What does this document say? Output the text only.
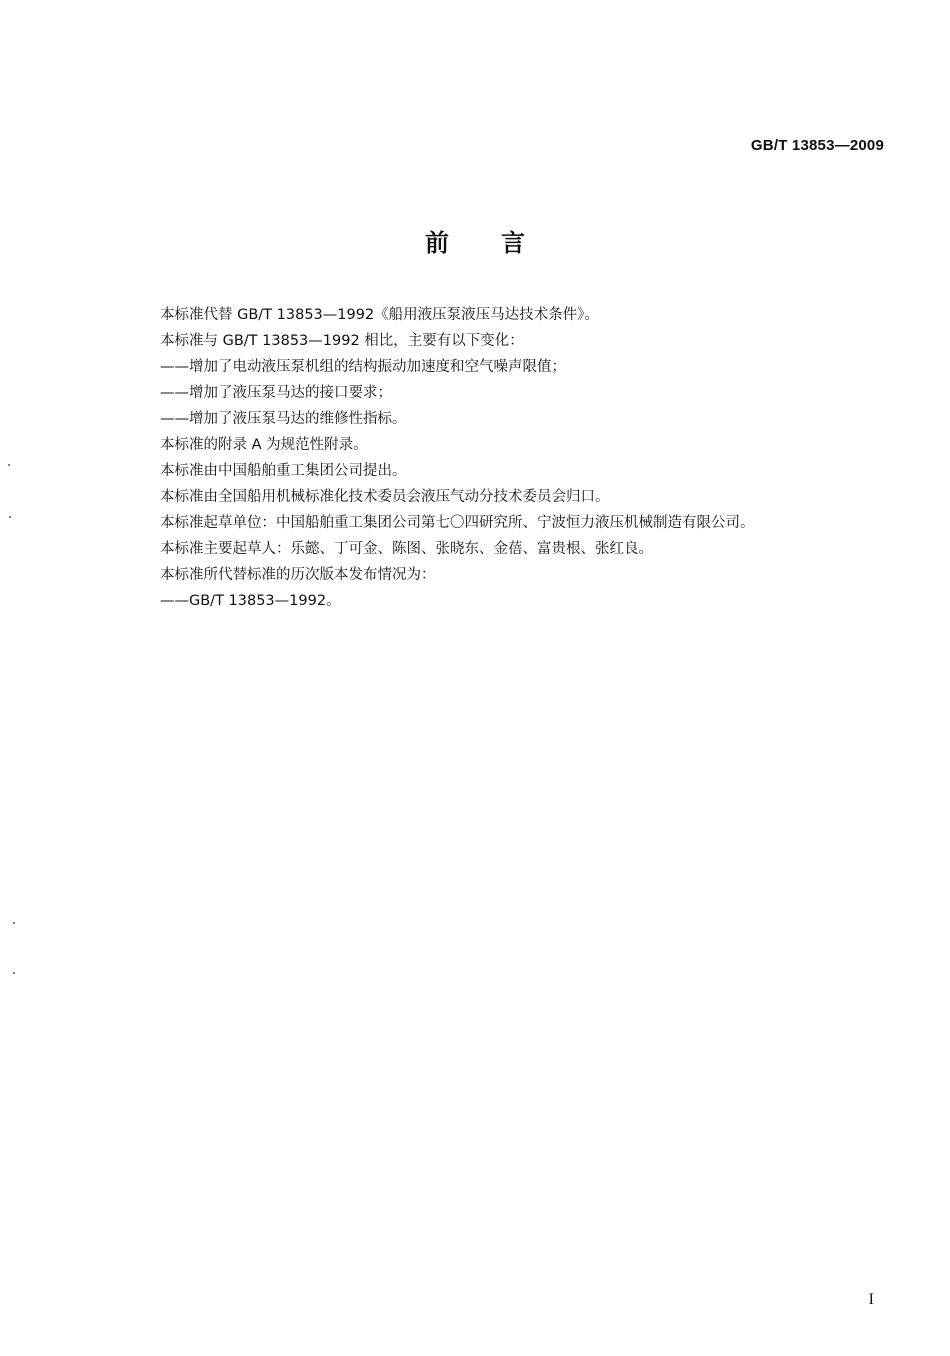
GB/T 13853—2009
前言

本标准代替 GB/T 13853—1992《船用液压泵液压马达技术条件》。

本标准与 GB/T 13853—1992 相比，主要有以下变化：

——增加了电动液压泵机组的结构振动加速度和空气噪声限值；

——增加了液压泵马达的接口要求；

——增加了液压泵马达的维修性指标。

本标准的附录 A 为规范性附录。

本标准由中国船舶重工集团公司提出。

本标准由全国船用机械标准化技术委员会液压气动分技术委员会归口。

本标准起草单位：中国船舶重工集团公司第七〇四研究所、宁波恒力液压机械制造有限公司。

本标准主要起草人：乐懿、丁可金、陈图、张晓东、金蓓、富贵根、张红良。

本标准所代替标准的历次版本发布情况为：

——GB/T 13853—1992。

I
